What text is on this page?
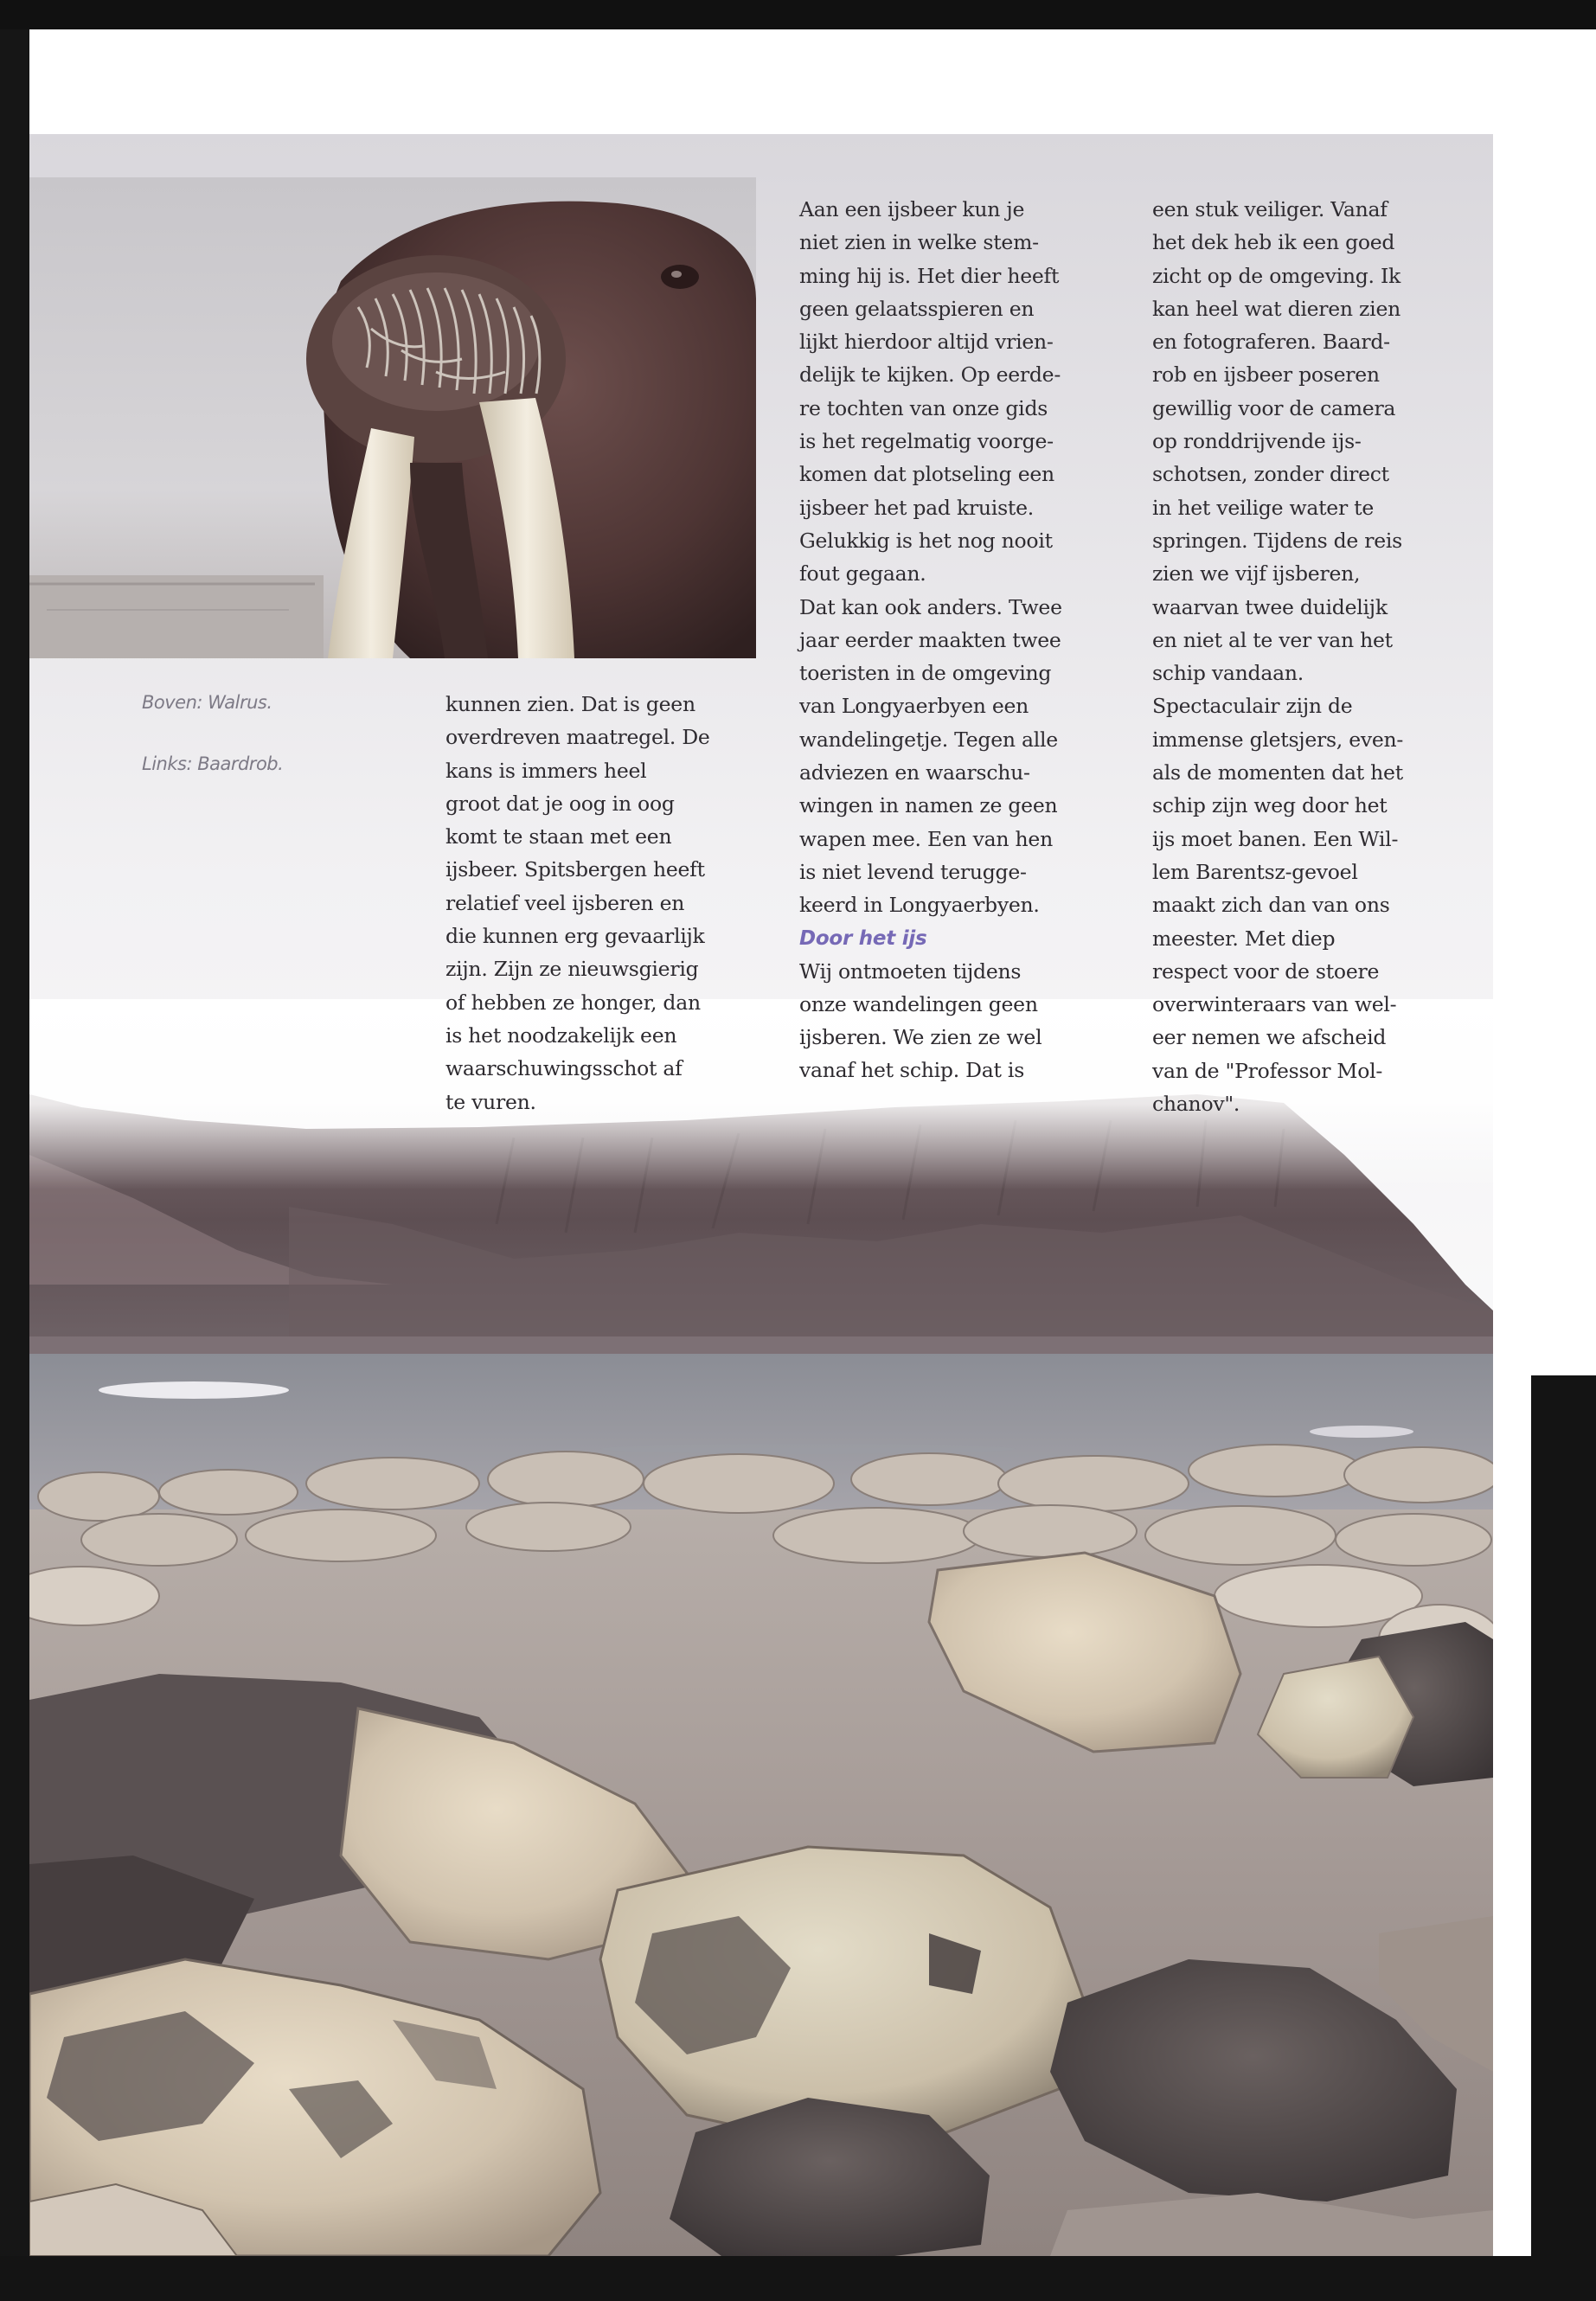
Boven: Walrus.
Links: Baardrob.

kunnen zien. Dat is geen
overdreven maatregel. De
kans is immers heel
groot dat je oog in oog
komt te staan met een
ijsbeer. Spitsbergen heeft
relatief veel ijsberen en
die kunnen erg gevaarlijk
zijn. Zijn ze nieuwsgierig
of hebben ze honger, dan
is het noodzakelijk een
waarschuwingsschot af
te vuren.

Aan een ijsbeer kun je
niet zien in welke stem-
ming hij is. Het dier heeft
geen gelaatsspieren en
lijkt hierdoor altijd vrien-
delijk te kijken. Op eerde-
re tochten van onze gids
is het regelmatig voorge-
komen dat plotseling een
ijsbeer het pad kruiste.
Gelukkig is het nog nooit
fout gegaan.

Dat kan ook anders. Twee
jaar eerder maakten twee
toeristen in de omgeving
van Longyaerbyen een
wandelingetje. Tegen alle
adviezen en waarschu-
wingen in namen ze geen
wapen mee. Een van hen
is niet levend terugge-
keerd in Longyaerbyen.

Door het ijs

Wij ontmoeten tijdens
onze wandelingen geen
ijsberen. We zien ze wel
vanaf het schip. Dat is

een stuk veiliger. Vanaf
het dek heb ik een goed
zicht op de omgeving. Ik
kan heel wat dieren zien
en fotograferen. Baard-
rob en ijsbeer poseren
gewillig voor de camera
op ronddrijvende ijs-
schotsen, zonder direct
in het veilige water te
springen. Tijdens de reis
zien we vijf ijsberen,
waarvan twee duidelijk
en niet al te ver van het
schip vandaan.
Spectaculair zijn de
immense gletsjers, even-
als de momenten dat het
schip zijn weg door het
ijs moet banen. Een Wil-
lem Barentsz-gevoel
maakt zich dan van ons
meester. Met diep
respect voor de stoere
overwinteraars van wel-
eer nemen we afscheid
van de "Professor Mol-
chanov".
